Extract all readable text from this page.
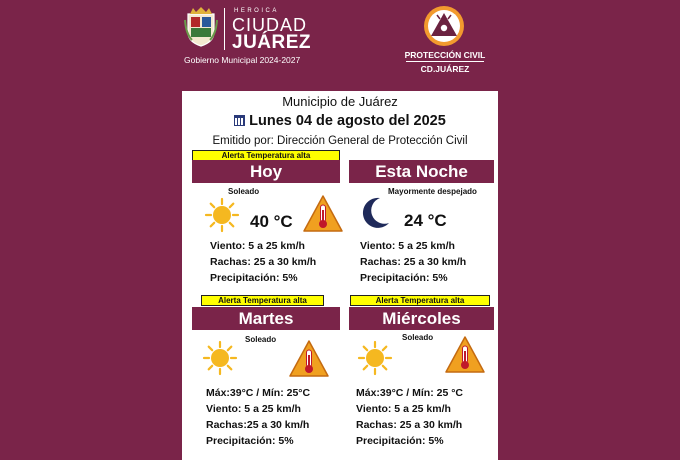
HEROICA
CIUDAD
JUÁREZ
Gobierno Municipal 2024-2027	PROTECCIÓN CIVIL
CD.JUÁREZ
Municipio de Juárez
Lunes 04 de agosto del 2025
Emitido por: Dirección General de Protección Civil
Alerta Temperatura alta
Hoy
Soleado
40 °C
Viento: 5 a 25 km/h
Rachas: 25 a 30 km/h
Precipitación: 5%
Esta Noche
Mayormente despejado
24 °C
Viento: 5 a 25 km/h
Rachas: 25 a 30 km/h
Precipitación: 5%
Alerta Temperatura alta
Martes
Soleado
Máx:39°C / Mín: 25°C
Viento: 5 a 25 km/h
Rachas:25 a 30 km/h
Precipitación: 5%
Alerta Temperatura alta
Miércoles
Soleado
Máx:39°C / Mín: 25 °C
Viento: 5 a 25 km/h
Rachas: 25 a 30 km/h
Precipitación: 5%
